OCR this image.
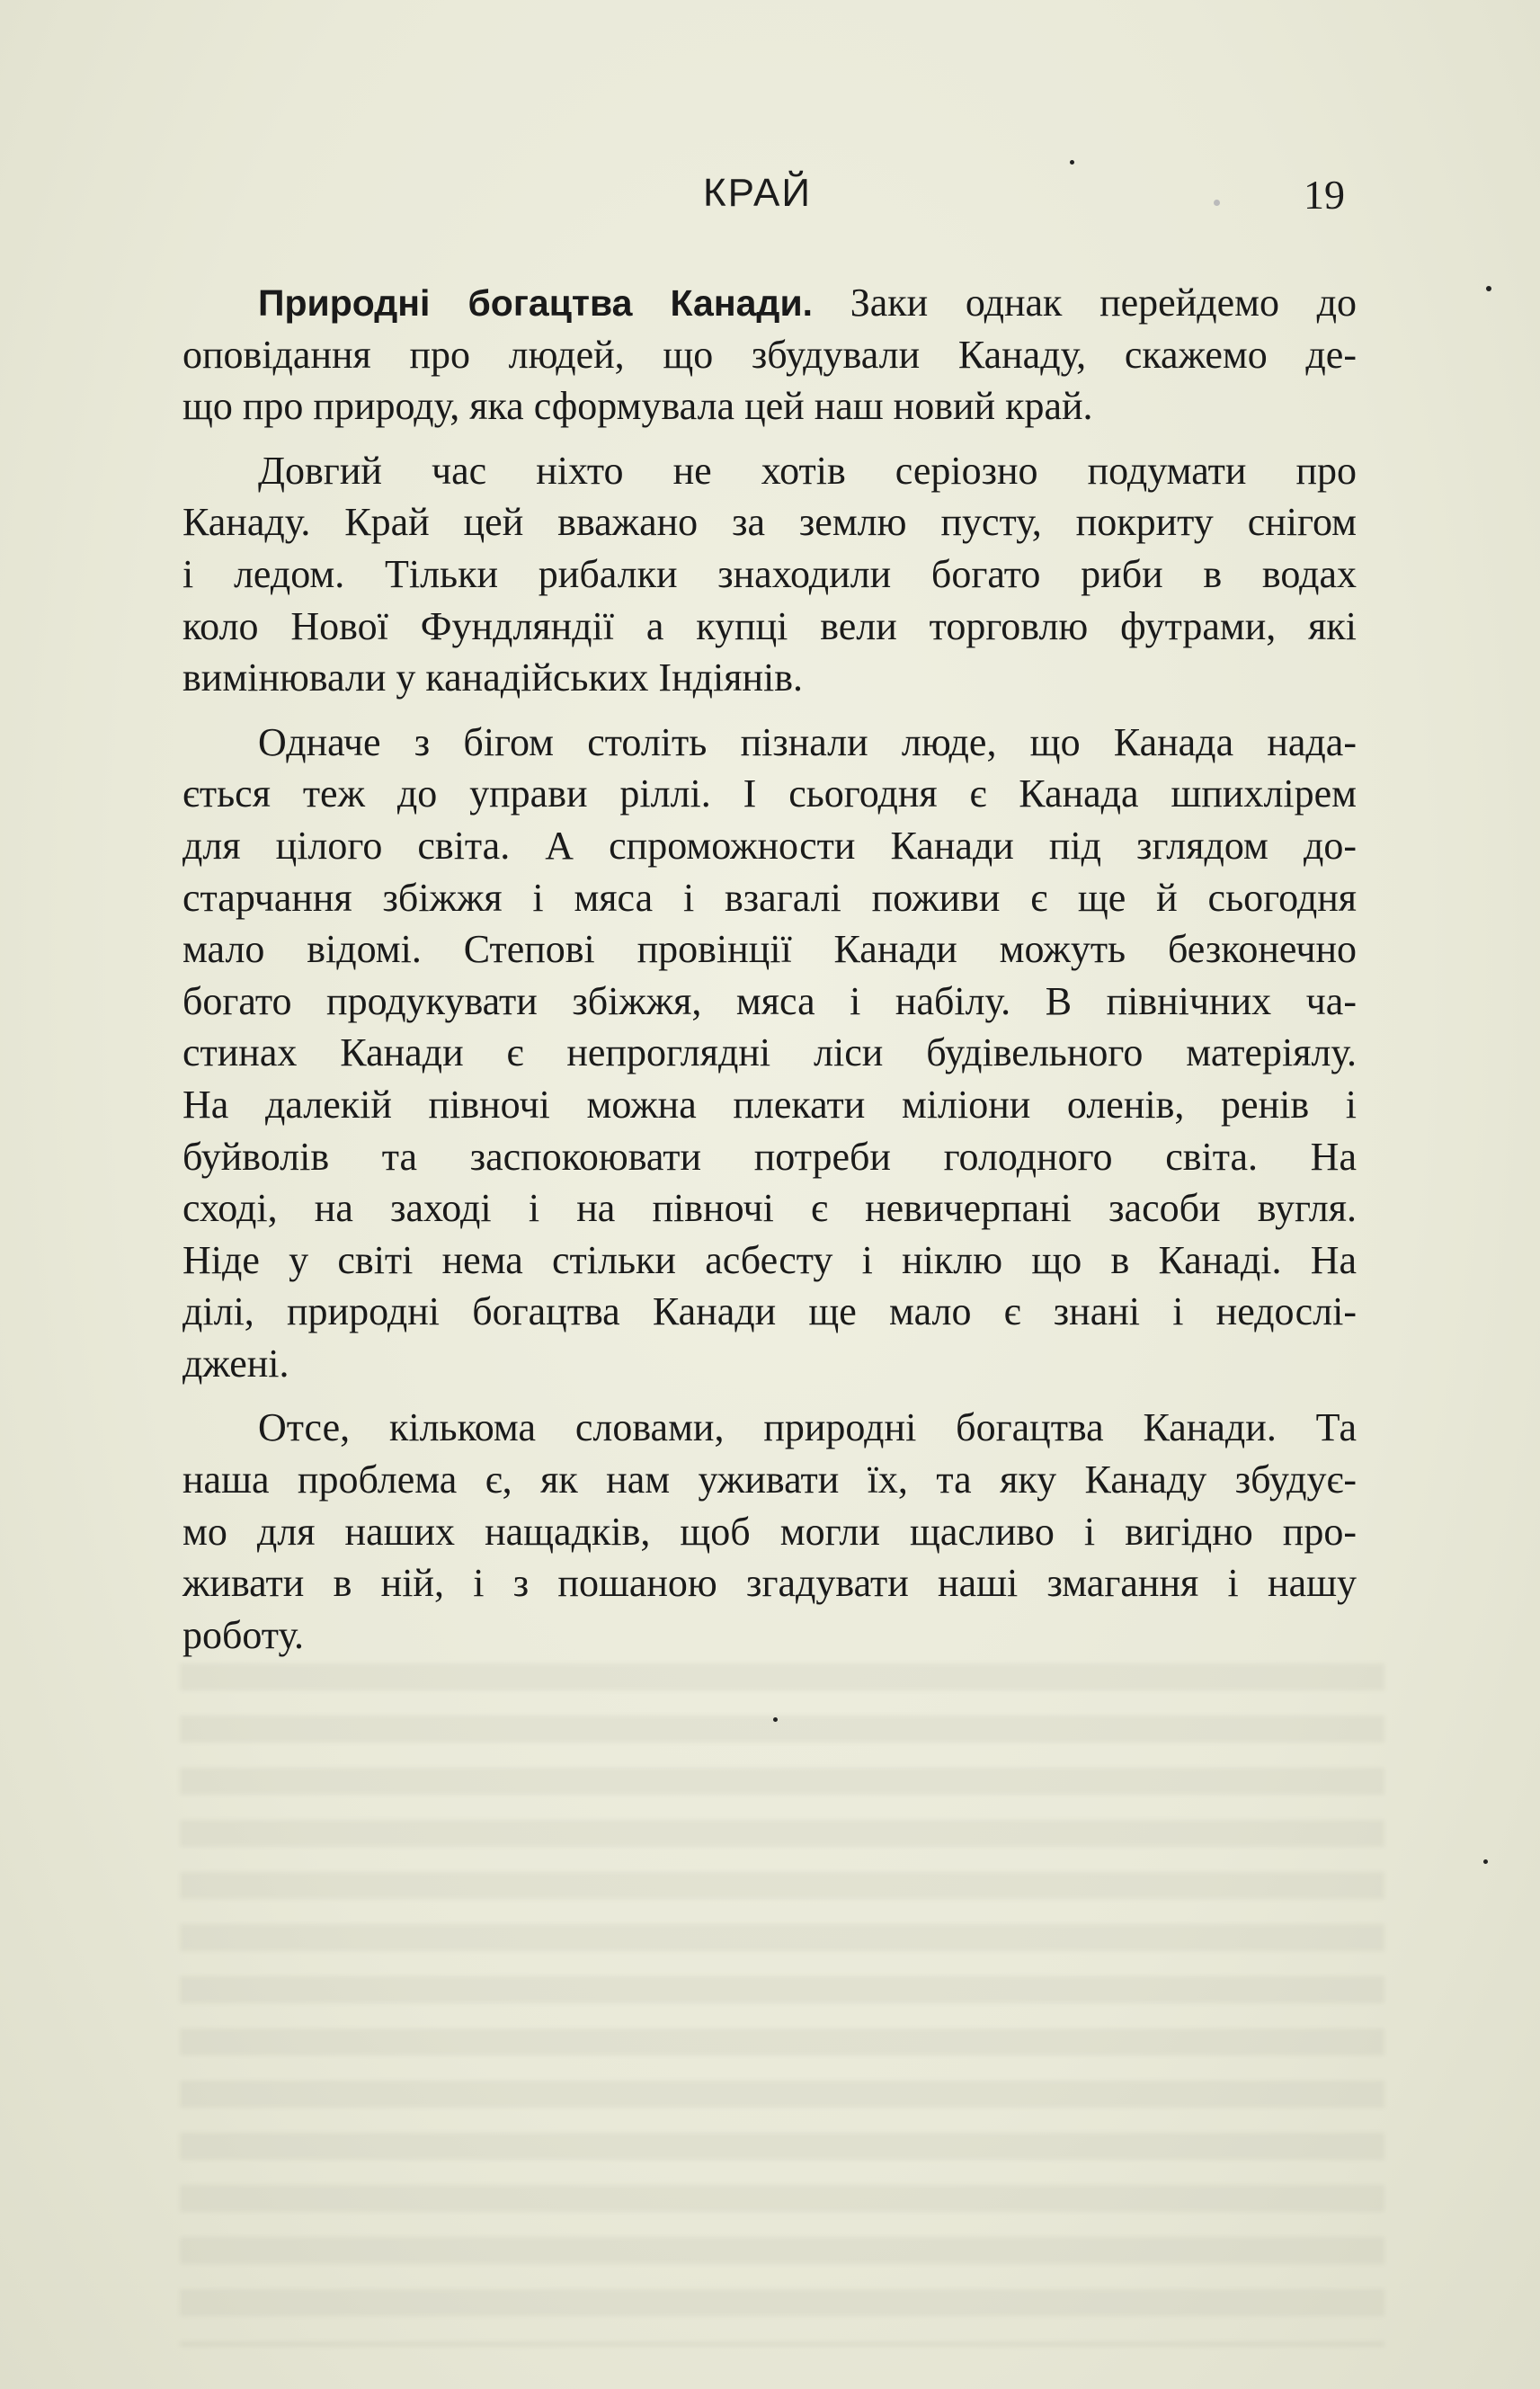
КРАЙ	19
Природні богацтва Канади. Заки однак перейдемо до
оповідання про людей, що збудували Канаду, скажемо де-
що про природу, яка сформувала цей наш новий край.
Довгий час ніхто не хотів серіозно подумати про
Канаду. Край цей вважано за землю пусту, покриту снігом
і ледом. Тільки рибалки знаходили богато риби в водах
коло Нової Фундляндії а купці вели торговлю футрами, які
вимінювали у канадійських Індіянів.
Одначе з бігом століть пізнали люде, що Канада нада-
ється теж до управи ріллі. І сьогодня є Канада шпихлірем
для цілого світа. А спроможности Канади під зглядом до-
старчання збіжжя і мяса і взагалі поживи є ще й сьогодня
мало відомі. Степові провінції Канади можуть безконечно
богато продукувати збіжжя, мяса і набілу. В північних ча-
стинах Канади є непроглядні ліси будівельного матеріялу.
На далекій півночі можна плекати міліони оленів, ренів і
буйволів та заспокоювати потреби голодного світа. На
сході, на заході і на півночі є невичерпані засоби вугля.
Ніде у світі нема стільки асбесту і ніклю що в Канаді. На
ділі, природні богацтва Канади ще мало є знані і недослі-
джені.
Отсе, кількома словами, природні богацтва Канади. Та
наша проблема є, як нам уживати їх, та яку Канаду збудує-
мо для наших нащадків, щоб могли щасливо і вигідно про-
живати в ній, і з пошаною згадувати наші змагання і нашу
роботу.
